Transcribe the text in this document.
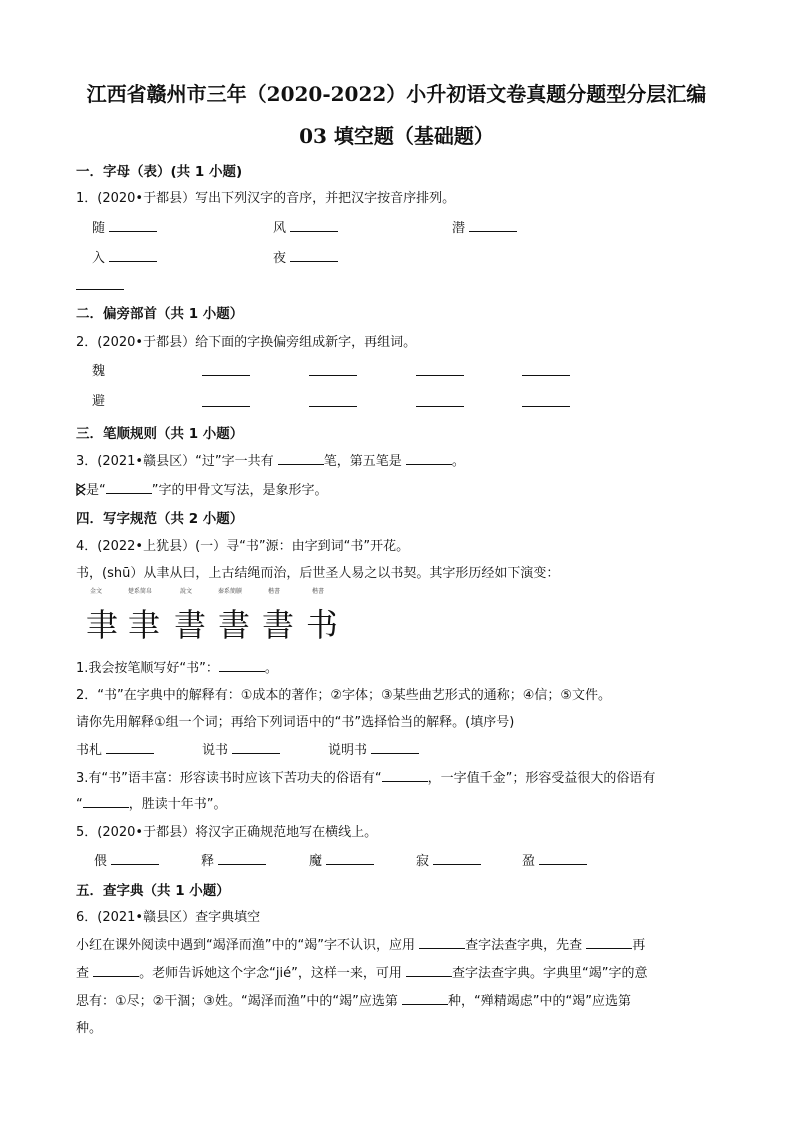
江西省赣州市三年（2020-2022）小升初语文卷真题分题型分层汇编
03 填空题（基础题）
一．字母（表）(共 1 小题)
1．(2020•于都县）写出下列汉字的音序，并把汉字按音序排列。
随	风	潜
入	夜
二．偏旁部首（共 1 小题）
2．(2020•于都县）给下面的字换偏旁组成新字，再组词。
魏
避
三．笔顺规则（共 1 小题）
3．(2021•赣县区）“过”字一共有	笔，第五笔是	。
是“	”字的甲骨文写法，是象形字。
四．写字规范（共 2 小题）
4．(2022•上犹县）(一）寻“书”源：由字到词“书”开花。
书，(shū）从聿从曰，上古结绳而治，后世圣人易之以书契。其字形历经如下演变：
金文	楚系简帛	說文	秦系簡牘	楷書	楷書
聿 聿 書 書 書 书
1.我会按笔顺写好“书”：	。
2．“书”在字典中的解释有：①成本的著作；②字体；③某些曲艺形式的通称；④信；⑤文件。
请你先用解释①组一个词；再给下列词语中的“书”选择恰当的解释。(填序号)
书札	说书	说明书
3.有“书”语丰富：形容读书时应该下苦功夫的俗语有“	，一字值千金”；形容受益很大的俗语有
“	，胜读十年书”。
5．(2020•于都县）将汉字正确规范地写在横线上。
偎	释	魔	寂	盈
五．查字典（共 1 小题）
6．(2021•赣县区）查字典填空
小红在课外阅读中遇到“竭泽而渔”中的“竭”字不认识，应用	查字法查字典，先查	再
查	。老师告诉她这个字念“jié”，这样一来，可用	查字法查字典。字典里“竭”字的意
思有：①尽；②干涸；③姓。“竭泽而渔”中的“竭”应选第	种，“殚精竭虑”中的“竭”应选第
种。
